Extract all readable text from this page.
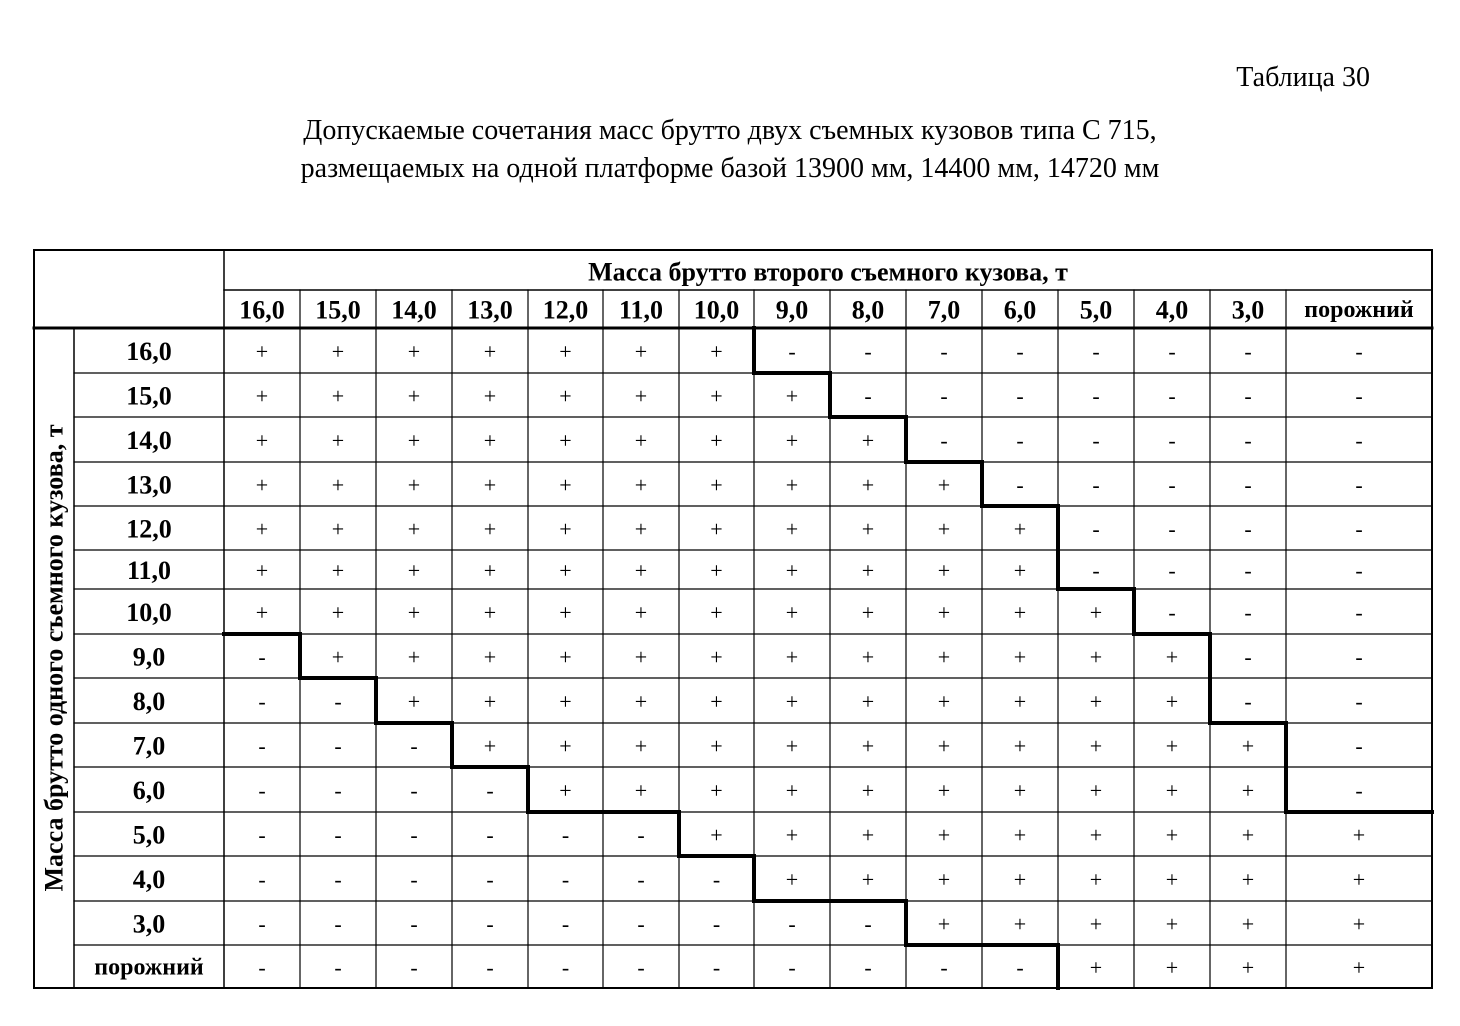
Таблица 30
Допускаемые сочетания масс брутто двух съемных кузовов типа С 715,
размещаемых на одной платформе базой 13900 мм, 14400 мм, 14720 мм
Масса брутто второго съемного кузова, т
16,0 15,0 14,0 13,0 12,0 11,0 10,0 9,0 8,0 7,0 6,0 5,0 4,0 3,0 порожний
Масса брутто одного съемного кузова, т
16,0	+	+	+	+	+	+	+	-	-	-	-	-	-	-	-
15,0	+	+	+	+	+	+	+	+	-	-	-	-	-	-	-
14,0	+	+	+	+	+	+	+	+	+	-	-	-	-	-	-
13,0	+	+	+	+	+	+	+	+	+	+	-	-	-	-	-
12,0	+	+	+	+	+	+	+	+	+	+	+	-	-	-	-
11,0	+	+	+	+	+	+	+	+	+	+	+	-	-	-	-
10,0	+	+	+	+	+	+	+	+	+	+	+	+	-	-	-
9,0	-	+	+	+	+	+	+	+	+	+	+	+	+	-	-
8,0	-	-	+	+	+	+	+	+	+	+	+	+	+	-	-
7,0	-	-	-	+	+	+	+	+	+	+	+	+	+	+	-
6,0	-	-	-	-	+	+	+	+	+	+	+	+	+	+	-
5,0	-	-	-	-	-	-	+	+	+	+	+	+	+	+	+
4,0	-	-	-	-	-	-	-	+	+	+	+	+	+	+	+
3,0	-	-	-	-	-	-	-	-	-	+	+	+	+	+	+
порожний -	-	-	-	-	-	-	-	-	-	-	+	+	+	+
